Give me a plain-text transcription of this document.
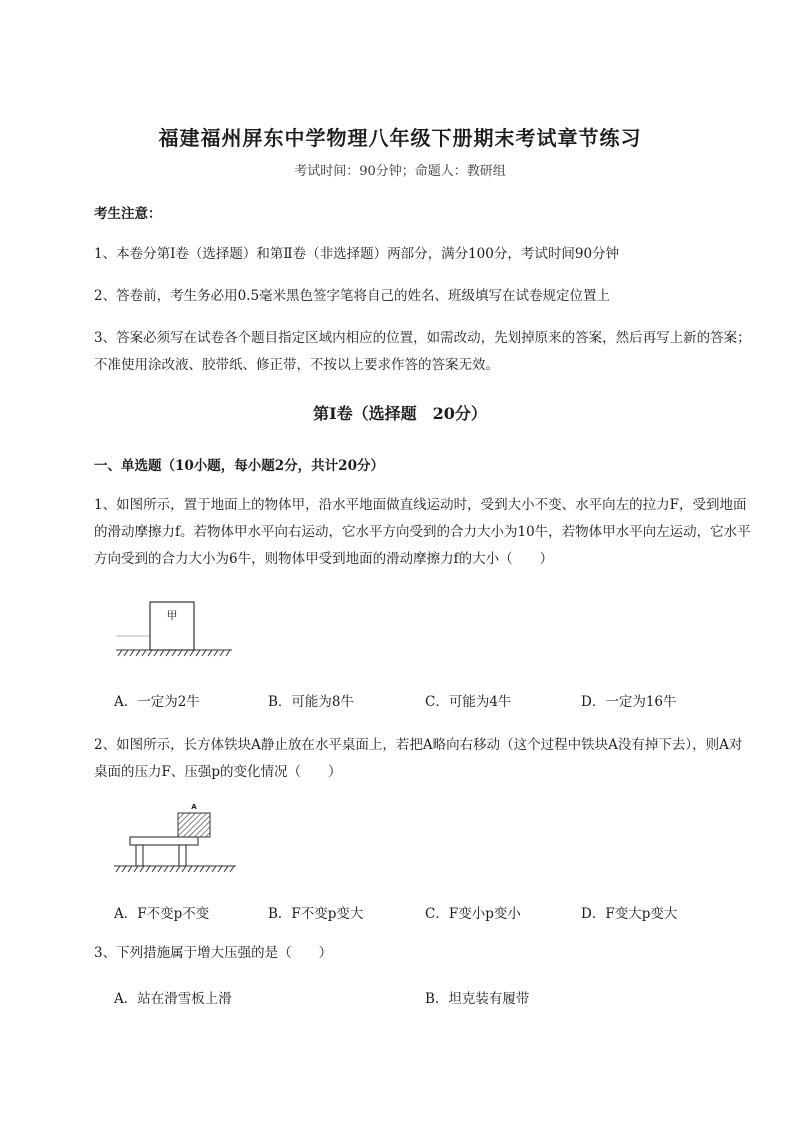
福建福州屏东中学物理八年级下册期末考试章节练习
考试时间：90分钟；命题人：教研组
考生注意：
1、本卷分第Ⅰ卷（选择题）和第Ⅱ卷（非选择题）两部分，满分100分，考试时间90分钟
2、答卷前，考生务必用0.5毫米黑色签字笔将自己的姓名、班级填写在试卷规定位置上
3、答案必须写在试卷各个题目指定区域内相应的位置，如需改动，先划掉原来的答案，然后再写上新的答案；不准使用涂改液、胶带纸、修正带，不按以上要求作答的答案无效。
第Ⅰ卷（选择题　20分）
一、单选题（10小题，每小题2分，共计20分）
1、如图所示，置于地面上的物体甲，沿水平地面做直线运动时，受到大小不变、水平向左的拉力F，受到地面的滑动摩擦力f。若物体甲水平向右运动，它水平方向受到的合力大小为10牛，若物体甲水平向左运动，它水平方向受到的合力大小为6牛，则物体甲受到地面的滑动摩擦力f的大小（　　）
甲
A．一定为2牛	B．可能为8牛	C．可能为4牛	D．一定为16牛
2、如图所示，长方体铁块A静止放在水平桌面上，若把A略向右移动（这个过程中铁块A没有掉下去），则A对桌面的压力F、压强p的变化情况（　　）
A
A．F不变p不变	B．F不变p变大	C．F变小p变小	D．F变大p变大
3、下列措施属于增大压强的是（　　）
A．站在滑雪板上滑	B．坦克装有履带
